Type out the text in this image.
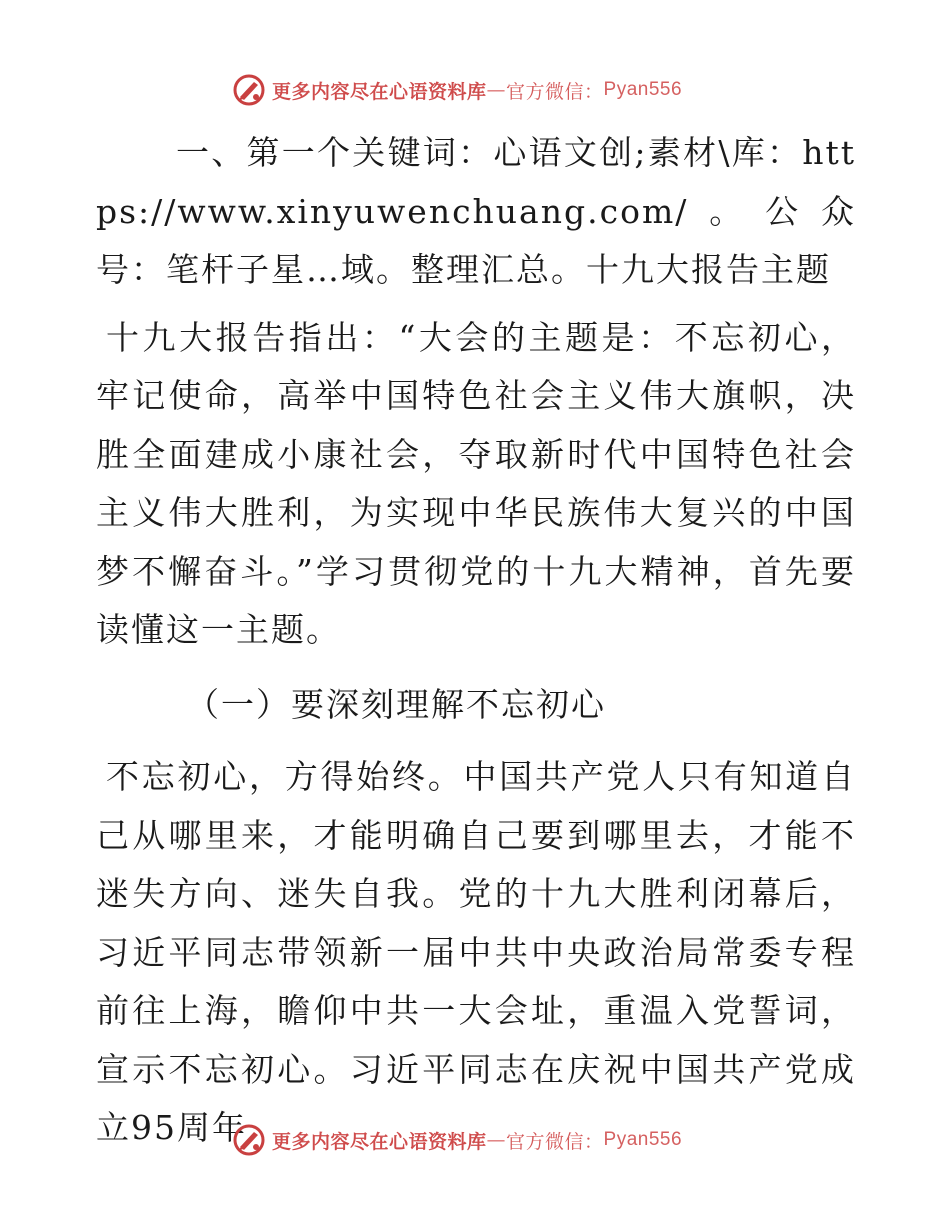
更多内容尽在心语资料库 — 官方微信： Pyan556

一、第一个关键词：心语文创;素材\库：https://www.xinyuwenchuang.com/。公众号：笔杆子星…域。整理汇总。十九大报告主题

十九大报告指出：“大会的主题是：不忘初心，牢记使命，高举中国特色社会主义伟大旗帜，决胜全面建成小康社会，夺取新时代中国特色社会主义伟大胜利，为实现中华民族伟大复兴的中国梦不懈奋斗。”学习贯彻党的十九大精神，首先要读懂这一主题。

（一）要深刻理解不忘初心

不忘初心，方得始终。中国共产党人只有知道自己从哪里来，才能明确自己要到哪里去，才能不迷失方向、迷失自我。党的十九大胜利闭幕后，习近平同志带领新一届中共中央政治局常委专程前往上海，瞻仰中共一大会址，重温入党誓词，宣示不忘初心。习近平同志在庆祝中国共产党成立95周年	更多内容尽在心语资料库 — 官方微信： Pyan556
